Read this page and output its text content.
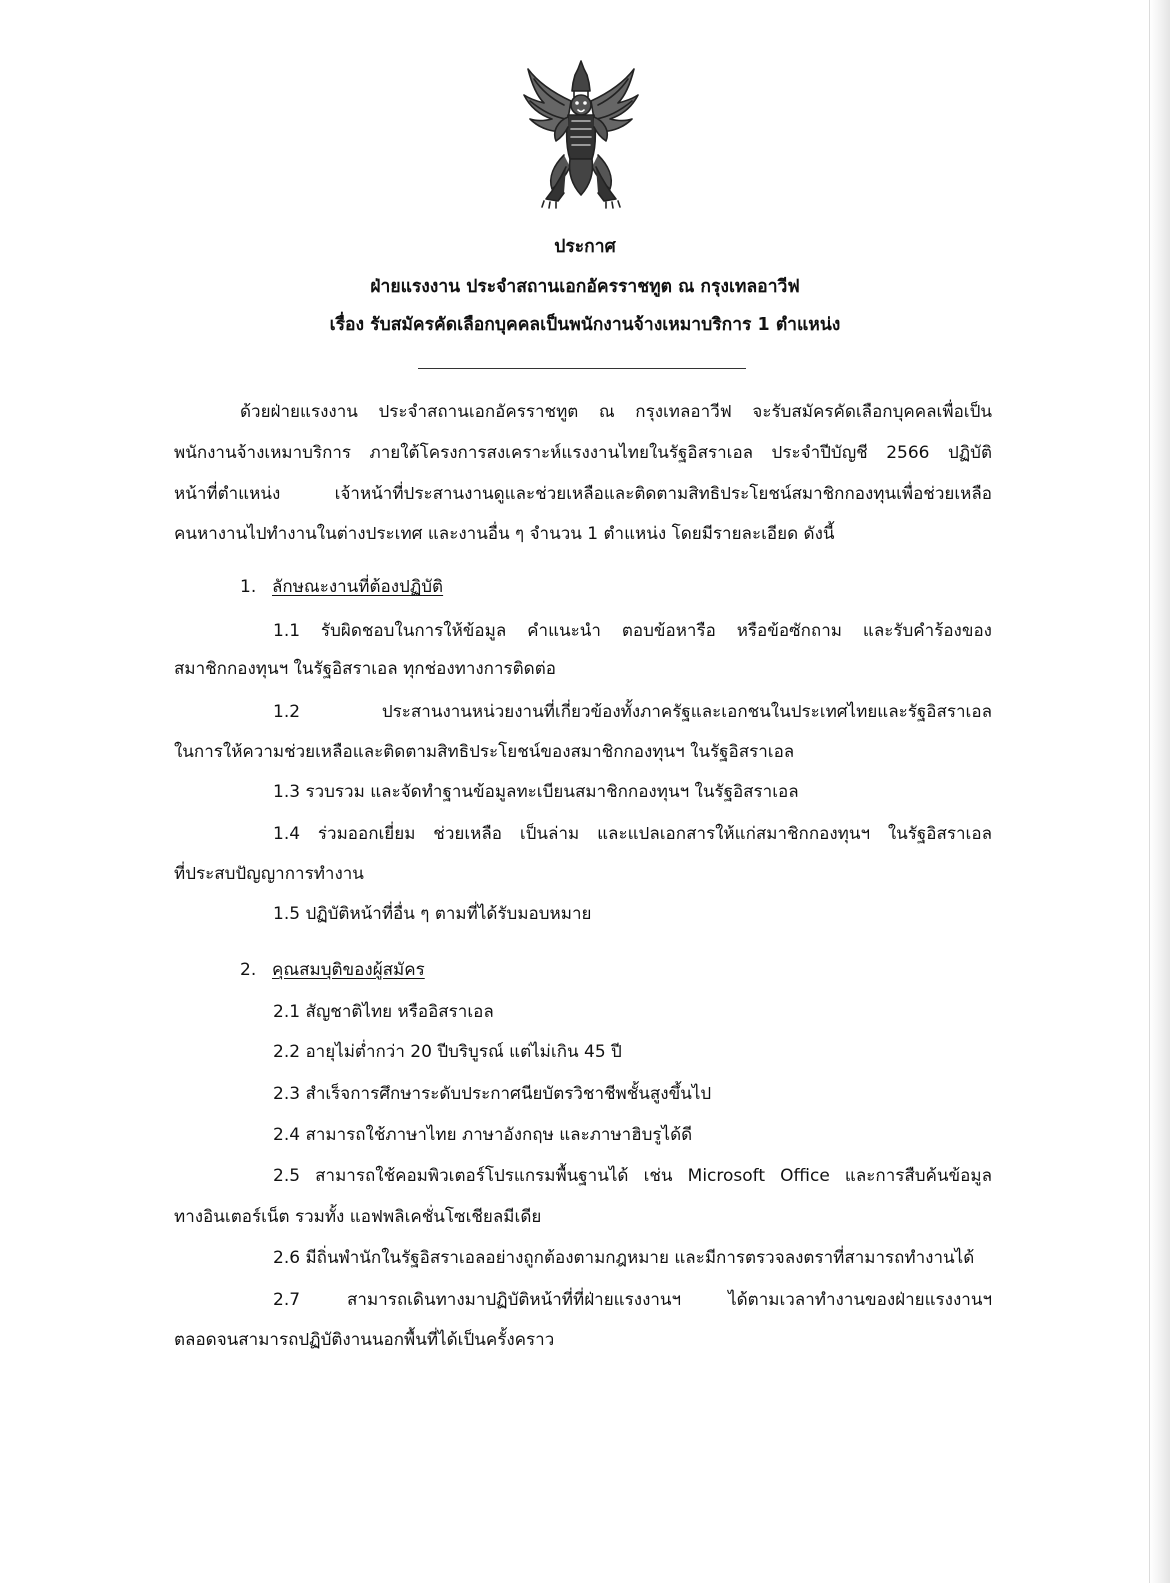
ประกาศ
ฝ่ายแรงงาน ประจำสถานเอกอัครราชทูต ณ กรุงเทลอาวีฟ
เรื่อง รับสมัครคัดเลือกบุคคลเป็นพนักงานจ้างเหมาบริการ 1 ตำแหน่ง
ด้วยฝ่ายแรงงาน ประจำสถานเอกอัครราชทูต ณ กรุงเทลอาวีฟ จะรับสมัครคัดเลือกบุคคลเพื่อเป็น
พนักงานจ้างเหมาบริการ ภายใต้โครงการสงเคราะห์แรงงานไทยในรัฐอิสราเอล ประจำปีบัญชี 2566 ปฏิบัติ
หน้าที่ตำแหน่ง เจ้าหน้าที่ประสานงานดูและช่วยเหลือและติดตามสิทธิประโยชน์สมาชิกกองทุนเพื่อช่วยเหลือ
คนหางานไปทำงานในต่างประเทศ และงานอื่น ๆ จำนวน 1 ตำแหน่ง โดยมีรายละเอียด ดังนี้
1. ลักษณะงานที่ต้องปฏิบัติ
1.1 รับผิดชอบในการให้ข้อมูล คำแนะนำ ตอบข้อหารือ หรือข้อซักถาม และรับคำร้องของ
สมาชิกกองทุนฯ ในรัฐอิสราเอล ทุกช่องทางการติดต่อ
1.2 ประสานงานหน่วยงานที่เกี่ยวข้องทั้งภาครัฐและเอกชนในประเทศไทยและรัฐอิสราเอล
ในการให้ความช่วยเหลือและติดตามสิทธิประโยชน์ของสมาชิกกองทุนฯ ในรัฐอิสราเอล
1.3 รวบรวม และจัดทำฐานข้อมูลทะเบียนสมาชิกกองทุนฯ ในรัฐอิสราเอล
1.4 ร่วมออกเยี่ยม ช่วยเหลือ เป็นล่าม และแปลเอกสารให้แก่สมาชิกกองทุนฯ ในรัฐอิสราเอล
ที่ประสบปัญญาการทำงาน
1.5 ปฏิบัติหน้าที่อื่น ๆ ตามที่ได้รับมอบหมาย
2. คุณสมบุติของผู้สมัคร
2.1 สัญชาติไทย หรืออิสราเอล
2.2 อายุไม่ต่ำกว่า 20 ปีบริบูรณ์ แต่ไม่เกิน 45 ปี
2.3 สำเร็จการศึกษาระดับประกาศนียบัตรวิชาชีพชั้นสูงขึ้นไป
2.4 สามารถใช้ภาษาไทย ภาษาอังกฤษ และภาษาฮิบรูได้ดี
2.5 สามารถใช้คอมพิวเตอร์โปรแกรมพื้นฐานได้ เช่น Microsoft Office และการสืบค้นข้อมูล
ทางอินเตอร์เน็ต รวมทั้ง แอฟพลิเคชั่นโซเชียลมีเดีย
2.6 มีถิ่นพำนักในรัฐอิสราเอลอย่างถูกต้องตามกฎหมาย และมีการตรวจลงตราที่สามารถทำงานได้
2.7 สามารถเดินทางมาปฏิบัติหน้าที่ที่ฝ่ายแรงงานฯ ได้ตามเวลาทำงานของฝ่ายแรงงานฯ
ตลอดจนสามารถปฏิบัติงานนอกพื้นที่ได้เป็นครั้งคราว
